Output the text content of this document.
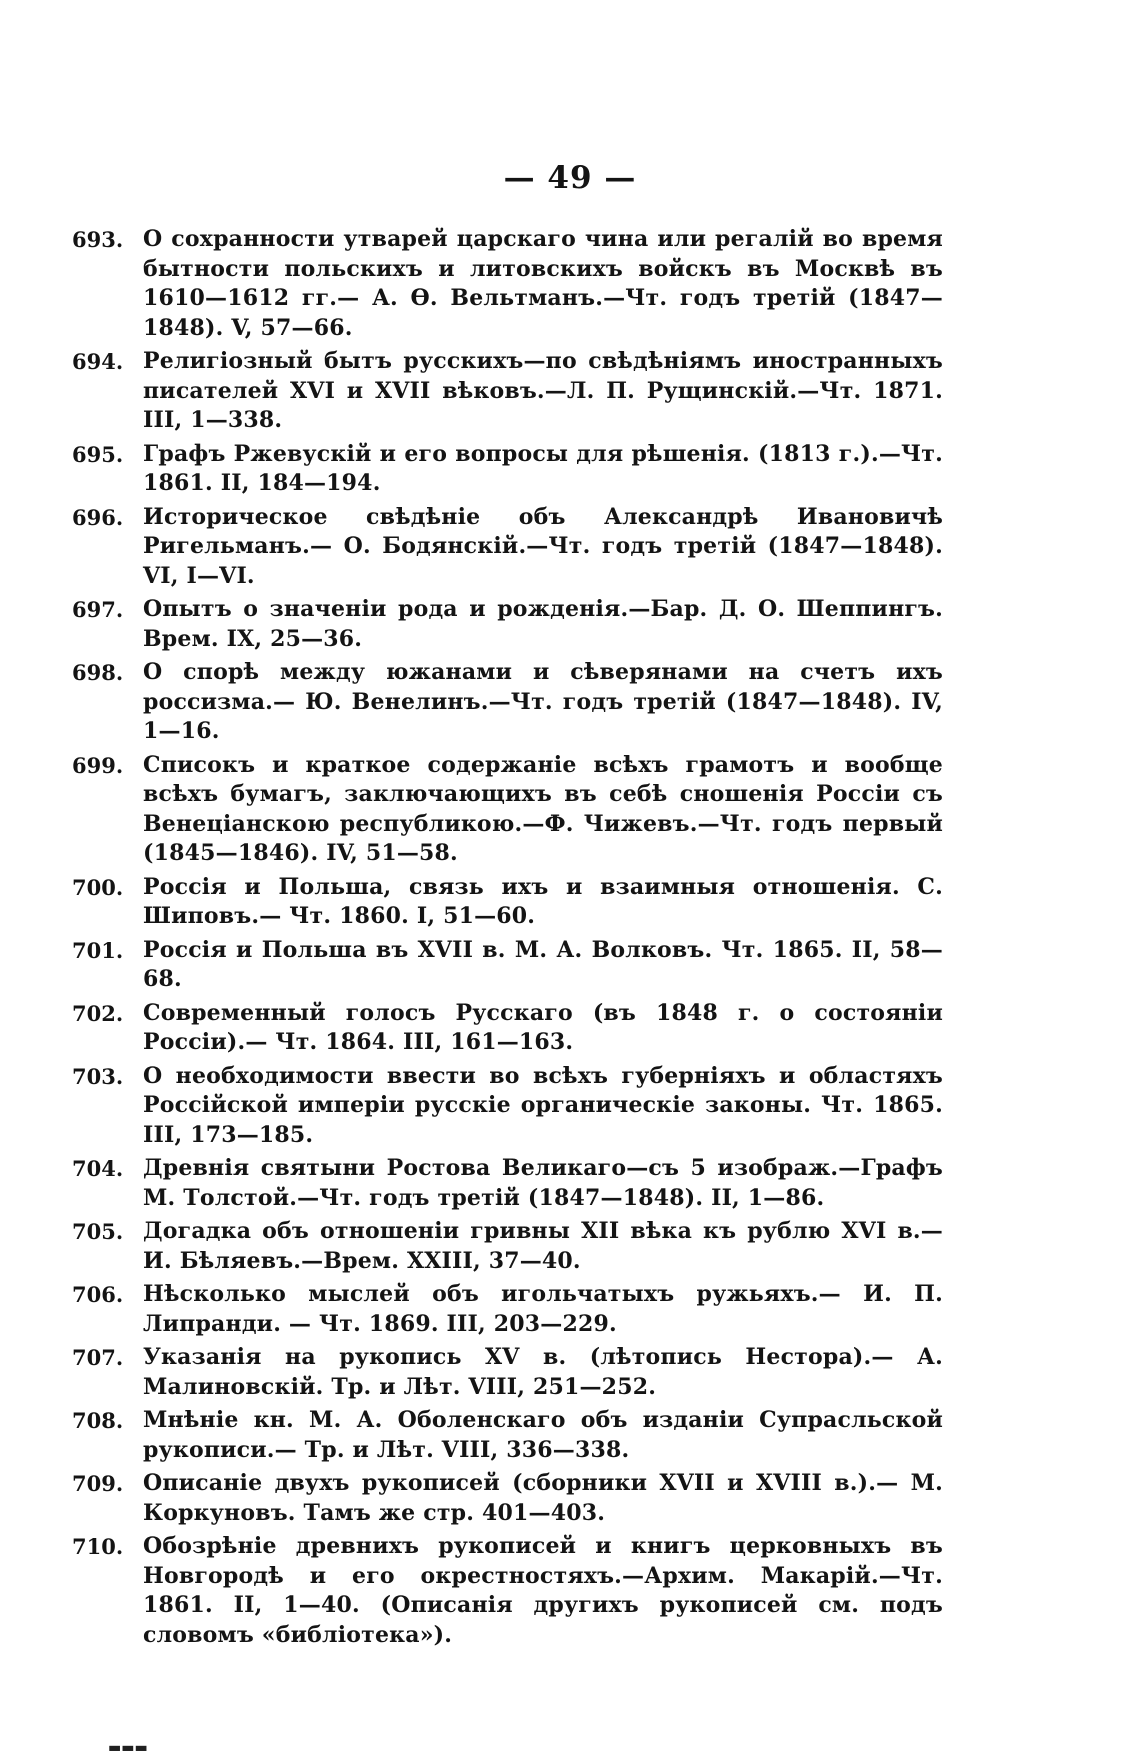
— 49 —
693. О сохранности утварей царскаго чина или регалій во время бытности польскихъ и литовскихъ войскъ въ Москвѣ въ 1610—1612 гг.— А. Ѳ. Вельтманъ.—Чт. годъ третій (1847—1848). V, 57—66.
694. Религіозный бытъ русскихъ—по свѣдѣніямъ иностранныхъ писателей XVI и XVII вѣковъ.—Л. П. Рущинскій.—Чт. 1871. III, 1—338.
695. Графъ Ржевускій и его вопросы для рѣшенія. (1813 г.).—Чт. 1861. II, 184—194.
696. Историческое свѣдѣніе объ Александрѣ Ивановичѣ Ригельманъ.— О. Бодянскій.—Чт. годъ третій (1847—1848). VI, I—VI.
697. Опытъ о значеніи рода и рожденія.—Бар. Д. О. Шеппингъ. Врем. IX, 25—36.
698. О спорѣ между южанами и сѣверянами на счетъ ихъ россизма.— Ю. Венелинъ.—Чт. годъ третій (1847—1848). IV, 1—16.
699. Списокъ и краткое содержаніе всѣхъ грамотъ и вообще всѣхъ бумагъ, заключающихъ въ себѣ сношенія Россіи съ Венеціанскою республикою.—Ф. Чижевъ.—Чт. годъ первый (1845—1846). IV, 51—58.
700. Россія и Польша, связь ихъ и взаимныя отношенія. С. Шиповъ.— Чт. 1860. I, 51—60.
701. Россія и Польша въ XVII в. М. А. Волковъ. Чт. 1865. II, 58—68.
702. Современный голосъ Русскаго (въ 1848 г. о состояніи Россіи).— Чт. 1864. III, 161—163.
703. О необходимости ввести во всѣхъ губерніяхъ и областяхъ Россійской имперіи русскіе органическіе законы. Чт. 1865. III, 173—185.
704. Древнія святыни Ростова Великаго—съ 5 изображ.—Графъ М. Толстой.—Чт. годъ третій (1847—1848). II, 1—86.
705. Догадка объ отношеніи гривны XII вѣка къ рублю XVI в.—И. Бѣляевъ.—Врем. XXIII, 37—40.
706. Нѣсколько мыслей объ игольчатыхъ ружьяхъ.— И. П. Липранди. — Чт. 1869. III, 203—229.
707. Указанія на рукопись XV в. (лѣтопись Нестора).— А. Малиновскій. Тр. и Лѣт. VIII, 251—252.
708. Мнѣніе кн. М. А. Оболенскаго объ изданіи Супрасльской рукописи.— Тр. и Лѣт. VIII, 336—338.
709. Описаніе двухъ рукописей (сборники XVII и XVIII в.).— М. Коркуновъ. Тамъ же стр. 401—403.
710. Обозрѣніе древнихъ рукописей и книгъ церковныхъ въ Новгородѣ и его окрестностяхъ.—Архим. Макарій.—Чт. 1861. II, 1—40. (Описанія другихъ рукописей см. подъ словомъ «библіотека»).
▬▬▬
